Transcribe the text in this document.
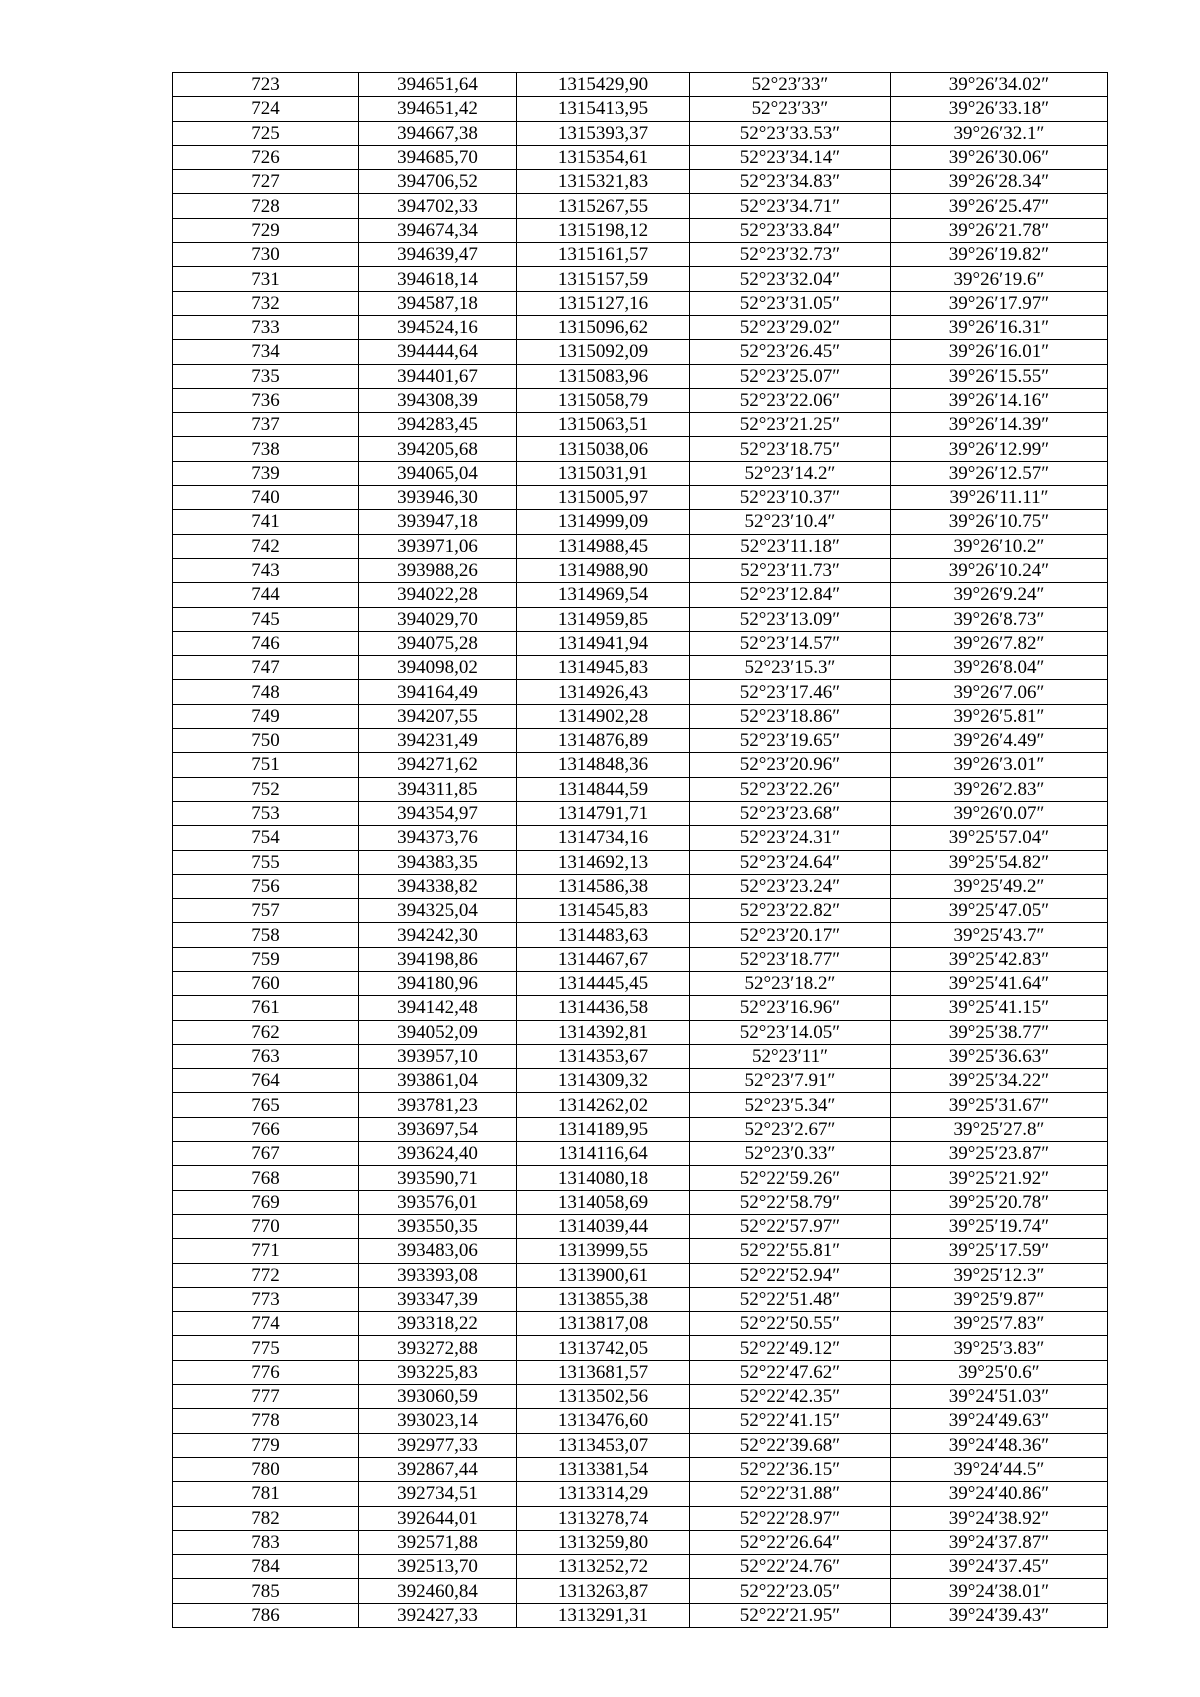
723	394651,64	1315429,90	52°23′33″	39°26′34.02″
724	394651,42	1315413,95	52°23′33″	39°26′33.18″
725	394667,38	1315393,37	52°23′33.53″	39°26′32.1″
726	394685,70	1315354,61	52°23′34.14″	39°26′30.06″
727	394706,52	1315321,83	52°23′34.83″	39°26′28.34″
728	394702,33	1315267,55	52°23′34.71″	39°26′25.47″
729	394674,34	1315198,12	52°23′33.84″	39°26′21.78″
730	394639,47	1315161,57	52°23′32.73″	39°26′19.82″
731	394618,14	1315157,59	52°23′32.04″	39°26′19.6″
732	394587,18	1315127,16	52°23′31.05″	39°26′17.97″
733	394524,16	1315096,62	52°23′29.02″	39°26′16.31″
734	394444,64	1315092,09	52°23′26.45″	39°26′16.01″
735	394401,67	1315083,96	52°23′25.07″	39°26′15.55″
736	394308,39	1315058,79	52°23′22.06″	39°26′14.16″
737	394283,45	1315063,51	52°23′21.25″	39°26′14.39″
738	394205,68	1315038,06	52°23′18.75″	39°26′12.99″
739	394065,04	1315031,91	52°23′14.2″	39°26′12.57″
740	393946,30	1315005,97	52°23′10.37″	39°26′11.11″
741	393947,18	1314999,09	52°23′10.4″	39°26′10.75″
742	393971,06	1314988,45	52°23′11.18″	39°26′10.2″
743	393988,26	1314988,90	52°23′11.73″	39°26′10.24″
744	394022,28	1314969,54	52°23′12.84″	39°26′9.24″
745	394029,70	1314959,85	52°23′13.09″	39°26′8.73″
746	394075,28	1314941,94	52°23′14.57″	39°26′7.82″
747	394098,02	1314945,83	52°23′15.3″	39°26′8.04″
748	394164,49	1314926,43	52°23′17.46″	39°26′7.06″
749	394207,55	1314902,28	52°23′18.86″	39°26′5.81″
750	394231,49	1314876,89	52°23′19.65″	39°26′4.49″
751	394271,62	1314848,36	52°23′20.96″	39°26′3.01″
752	394311,85	1314844,59	52°23′22.26″	39°26′2.83″
753	394354,97	1314791,71	52°23′23.68″	39°26′0.07″
754	394373,76	1314734,16	52°23′24.31″	39°25′57.04″
755	394383,35	1314692,13	52°23′24.64″	39°25′54.82″
756	394338,82	1314586,38	52°23′23.24″	39°25′49.2″
757	394325,04	1314545,83	52°23′22.82″	39°25′47.05″
758	394242,30	1314483,63	52°23′20.17″	39°25′43.7″
759	394198,86	1314467,67	52°23′18.77″	39°25′42.83″
760	394180,96	1314445,45	52°23′18.2″	39°25′41.64″
761	394142,48	1314436,58	52°23′16.96″	39°25′41.15″
762	394052,09	1314392,81	52°23′14.05″	39°25′38.77″
763	393957,10	1314353,67	52°23′11″	39°25′36.63″
764	393861,04	1314309,32	52°23′7.91″	39°25′34.22″
765	393781,23	1314262,02	52°23′5.34″	39°25′31.67″
766	393697,54	1314189,95	52°23′2.67″	39°25′27.8″
767	393624,40	1314116,64	52°23′0.33″	39°25′23.87″
768	393590,71	1314080,18	52°22′59.26″	39°25′21.92″
769	393576,01	1314058,69	52°22′58.79″	39°25′20.78″
770	393550,35	1314039,44	52°22′57.97″	39°25′19.74″
771	393483,06	1313999,55	52°22′55.81″	39°25′17.59″
772	393393,08	1313900,61	52°22′52.94″	39°25′12.3″
773	393347,39	1313855,38	52°22′51.48″	39°25′9.87″
774	393318,22	1313817,08	52°22′50.55″	39°25′7.83″
775	393272,88	1313742,05	52°22′49.12″	39°25′3.83″
776	393225,83	1313681,57	52°22′47.62″	39°25′0.6″
777	393060,59	1313502,56	52°22′42.35″	39°24′51.03″
778	393023,14	1313476,60	52°22′41.15″	39°24′49.63″
779	392977,33	1313453,07	52°22′39.68″	39°24′48.36″
780	392867,44	1313381,54	52°22′36.15″	39°24′44.5″
781	392734,51	1313314,29	52°22′31.88″	39°24′40.86″
782	392644,01	1313278,74	52°22′28.97″	39°24′38.92″
783	392571,88	1313259,80	52°22′26.64″	39°24′37.87″
784	392513,70	1313252,72	52°22′24.76″	39°24′37.45″
785	392460,84	1313263,87	52°22′23.05″	39°24′38.01″
786	392427,33	1313291,31	52°22′21.95″	39°24′39.43″
